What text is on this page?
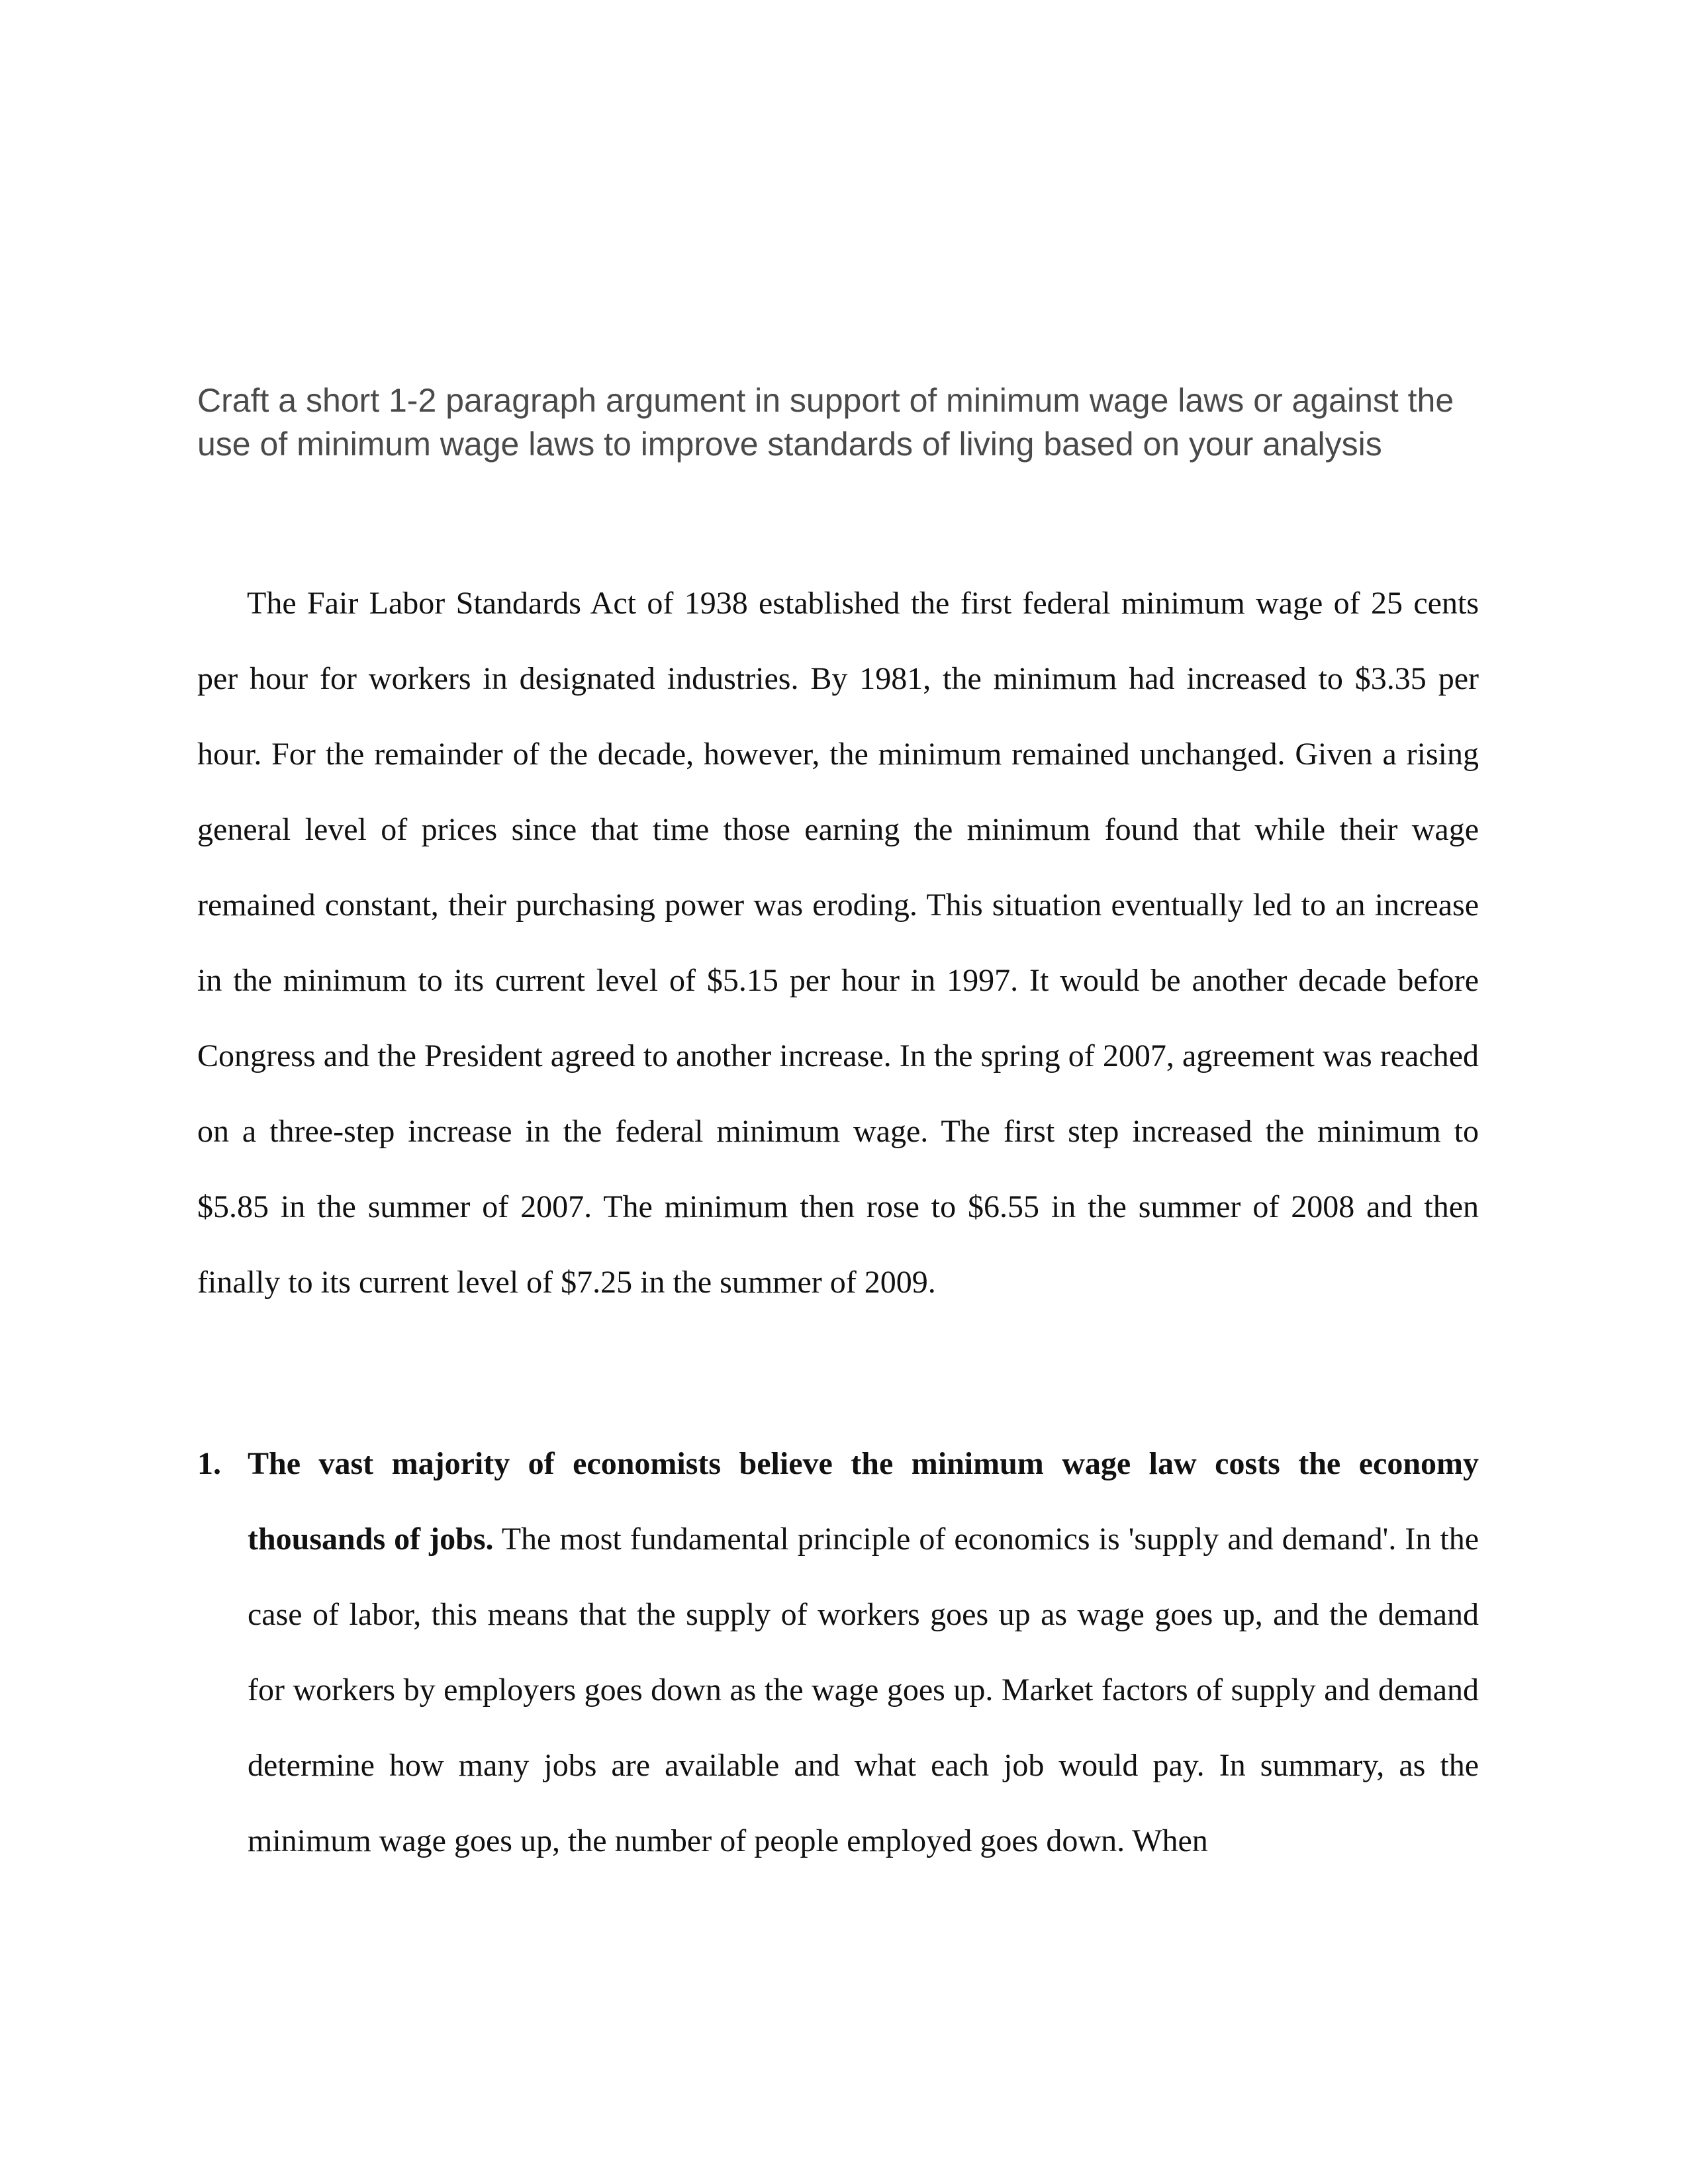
Craft a short 1-2 paragraph argument in support of minimum wage laws or against the use of minimum wage laws to improve standards of living based on your analysis

The Fair Labor Standards Act of 1938 established the first federal minimum wage of 25 cents per hour for workers in designated industries. By 1981, the minimum had increased to $3.35 per hour. For the remainder of the decade, however, the minimum remained unchanged. Given a rising general level of prices since that time those earning the minimum found that while their wage remained constant, their purchasing power was eroding. This situation eventually led to an increase in the minimum to its current level of $5.15 per hour in 1997. It would be another decade before Congress and the President agreed to another increase. In the spring of 2007, agreement was reached on a three-step increase in the federal minimum wage. The first step increased the minimum to $5.85 in the summer of 2007. The minimum then rose to $6.55 in the summer of 2008 and then finally to its current level of $7.25 in the summer of 2009.

1. The vast majority of economists believe the minimum wage law costs the economy thousands of jobs. The most fundamental principle of economics is 'supply and demand'. In the case of labor, this means that the supply of workers goes up as wage goes up, and the demand for workers by employers goes down as the wage goes up. Market factors of supply and demand determine how many jobs are available and what each job would pay. In summary, as the minimum wage goes up, the number of people employed goes down. When
